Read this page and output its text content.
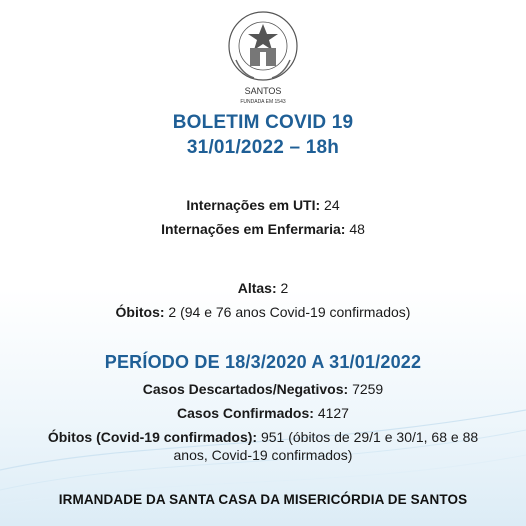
SANTOS
FUNDADA EM 1543
BOLETIM COVID 19
31/01/2022 – 18h
Internações em UTI: 24
Internações em Enfermaria: 48
Altas: 2
Óbitos: 2 (94 e 76 anos Covid-19 confirmados)
PERÍODO DE 18/3/2020 A 31/01/2022
Casos Descartados/Negativos: 7259
Casos Confirmados: 4127
Óbitos (Covid-19 confirmados): 951 (óbitos de 29/1 e 30/1, 68 e 88
anos, Covid-19 confirmados)
IRMANDADE DA SANTA CASA DA MISERICÓRDIA DE SANTOS
